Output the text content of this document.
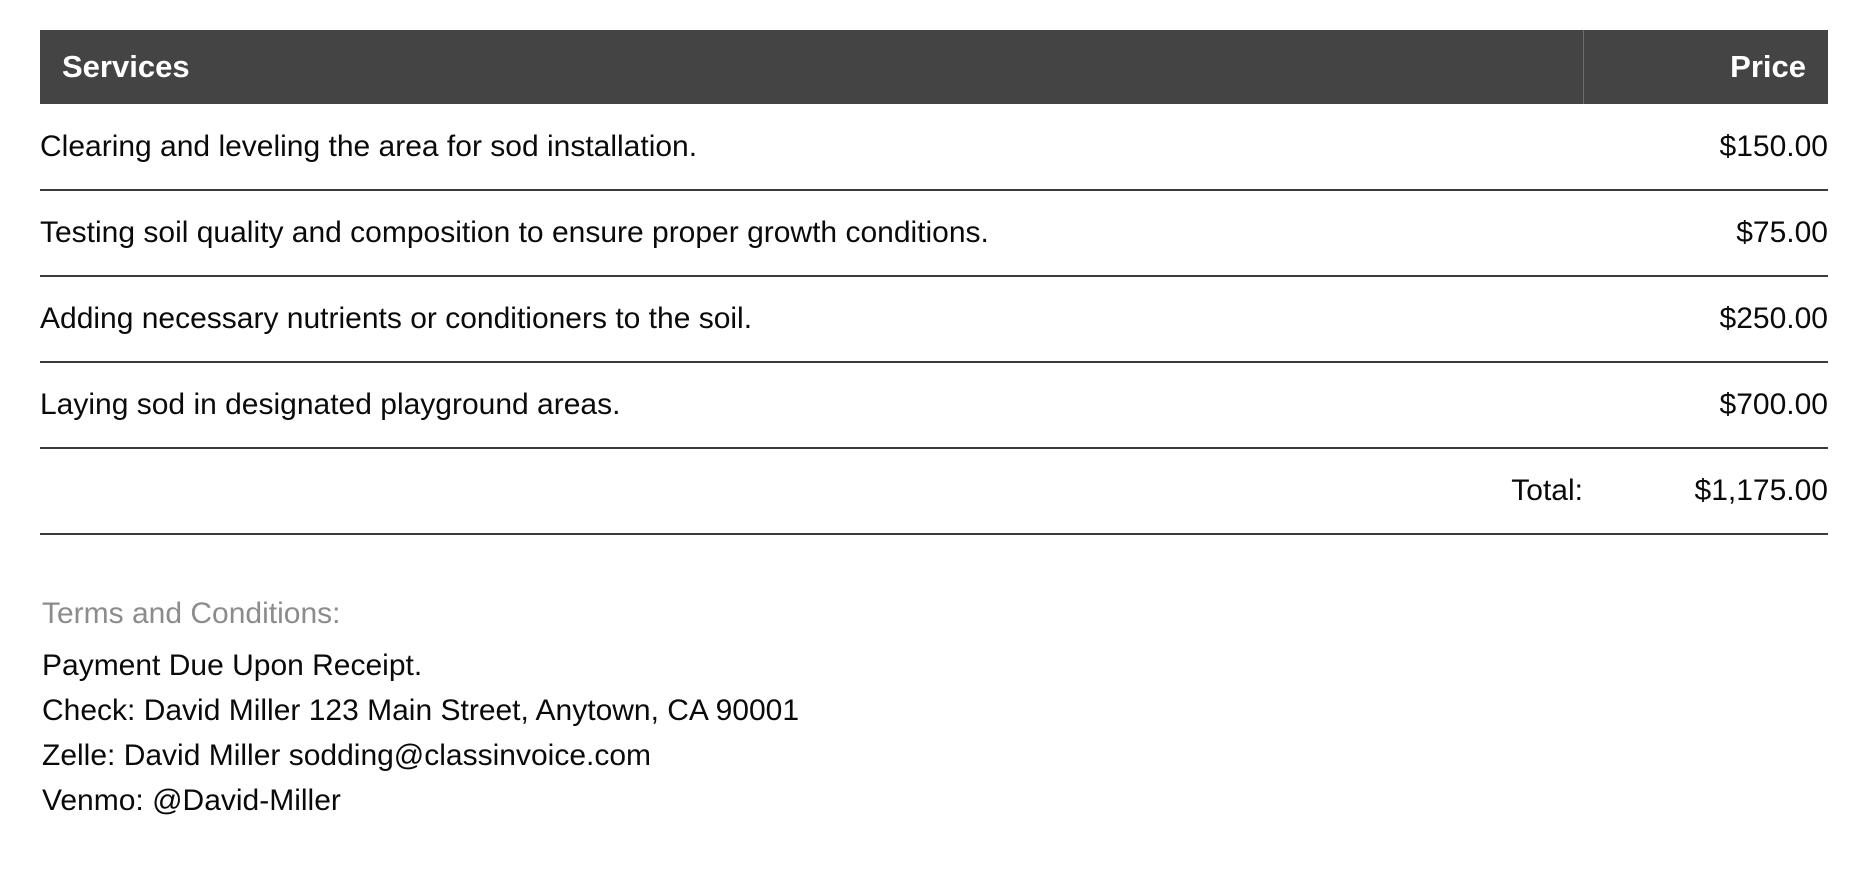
Services	Price
Clearing and leveling the area for sod installation.	$150.00
Testing soil quality and composition to ensure proper growth conditions.	$75.00
Adding necessary nutrients or conditioners to the soil.	$250.00
Laying sod in designated playground areas.	$700.00
Total:	$1,175.00
Terms and Conditions:
Payment Due Upon Receipt.
Check: David Miller 123 Main Street, Anytown, CA 90001
Zelle: David Miller sodding@classinvoice.com
Venmo: @David-Miller
